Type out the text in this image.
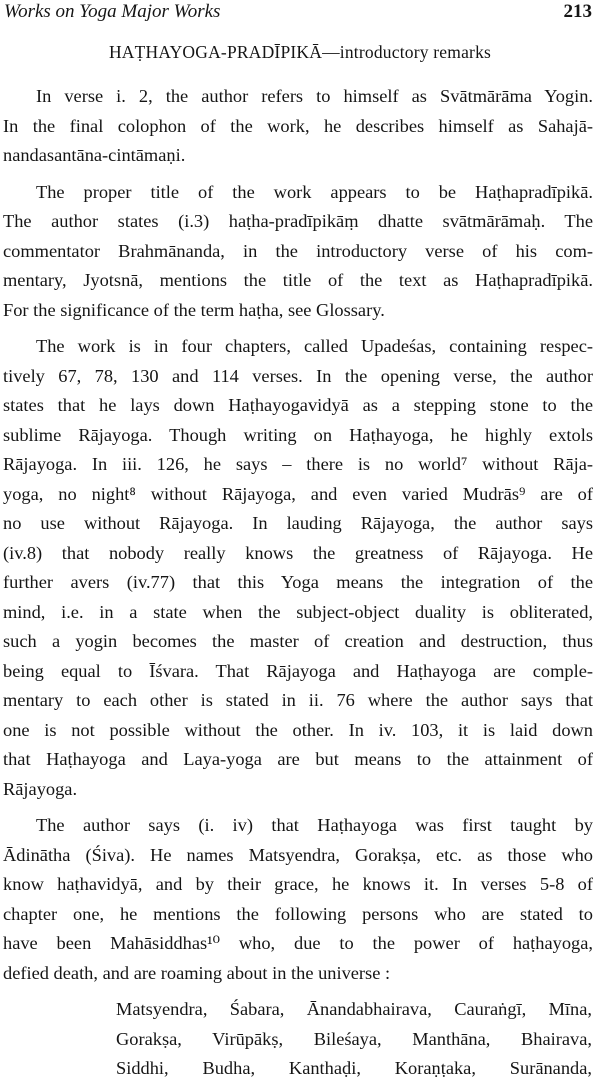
Works on Yoga Major Works	213
HAṬHAYOGA-PRADĪPIKĀ—introductory remarks
In verse i. 2, the author refers to himself as Svātmārāma Yogin.
In the final colophon of the work, he describes himself as Sahajā-
nandasantāna-cintāmaṇi.
The proper title of the work appears to be Haṭhapradīpikā.
The author states (i.3) haṭha-pradīpikāṃ dhatte svātmārāmaḥ. The
commentator Brahmānanda, in the introductory verse of his com-
mentary, Jyotsnā, mentions the title of the text as Haṭhapradīpikā.
For the significance of the term haṭha, see Glossary.
The work is in four chapters, called Upadeśas, containing respec-
tively 67, 78, 130 and 114 verses. In the opening verse, the author
states that he lays down Haṭhayogavidyā as a stepping stone to the
sublime Rājayoga. Though writing on Haṭhayoga, he highly extols
Rājayoga. In iii. 126, he says – there is no world⁷ without Rāja-
yoga, no night⁸ without Rājayoga, and even varied Mudrās⁹ are of
no use without Rājayoga. In lauding Rājayoga, the author says
(iv.8) that nobody really knows the greatness of Rājayoga. He
further avers (iv.77) that this Yoga means the integration of the
mind, i.e. in a state when the subject-object duality is obliterated,
such a yogin becomes the master of creation and destruction, thus
being equal to Īśvara. That Rājayoga and Haṭhayoga are comple-
mentary to each other is stated in ii. 76 where the author says that
one is not possible without the other. In iv. 103, it is laid down
that Haṭhayoga and Laya-yoga are but means to the attainment of
Rājayoga.
The author says (i. iv) that Haṭhayoga was first taught by
Ādinātha (Śiva). He names Matsyendra, Gorakṣa, etc. as those who
know haṭhavidyā, and by their grace, he knows it. In verses 5-8 of
chapter one, he mentions the following persons who are stated to
have been Mahāsiddhas¹⁰ who, due to the power of haṭhayoga,
defied death, and are roaming about in the universe :
Matsyendra, Śabara, Ānandabhairava, Cauraṅgī, Mīna,
Gorakṣa, Virūpākṣ, Bileśaya, Manthāna, Bhairava,
Siddhi, Budha, Kanthaḍi, Koraṇṭaka, Surānanda,
